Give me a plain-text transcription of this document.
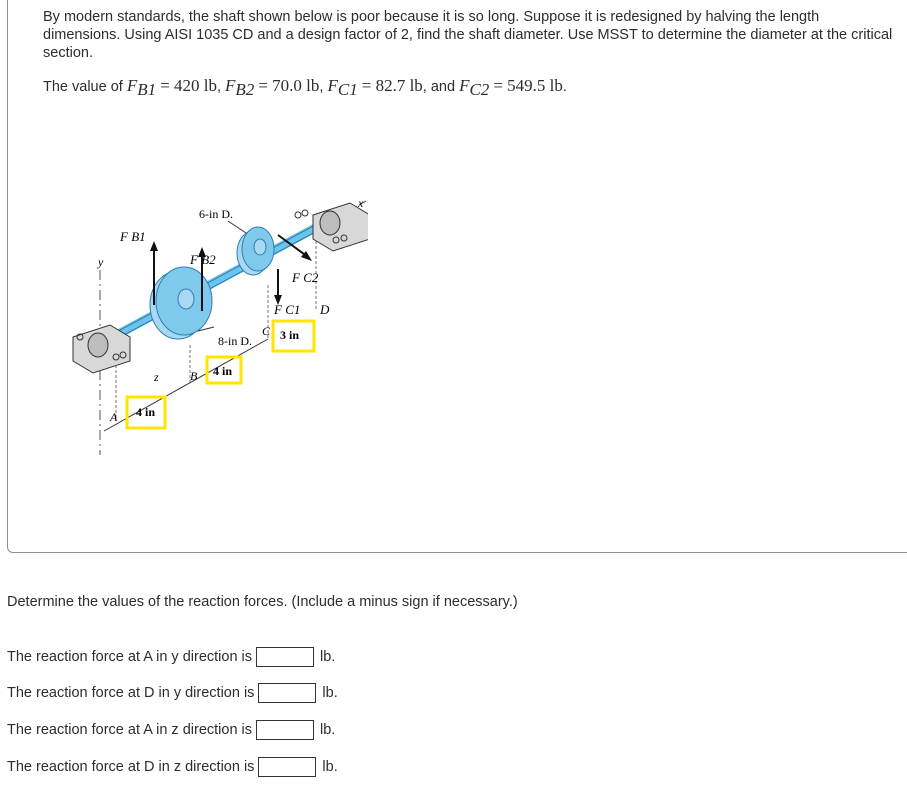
By modern standards, the shaft shown below is poor because it is so long. Suppose it is redesigned by halving the length dimensions. Using AISI 1035 CD and a design factor of 2, find the shaft diameter. Use MSST to determine the diameter at the critical section.
The value of $F_{B1} = 420$ lb, $F_{B2} = 70.0$ lb, $F_{C1} = 82.7$ lb, and $F_{C2} = 549.5$ lb.
6-in D.
F B1
F B2
F C2
F C1 D
C 3 in
8-in D.
4 in
B
4 in
A
x
y
z
Determine the values of the reaction forces. (Include a minus sign if necessary.)
The reaction force at A in y direction is	lb.
The reaction force at D in y direction is	lb.
The reaction force at A in z direction is	lb.
The reaction force at D in z direction is	lb.
